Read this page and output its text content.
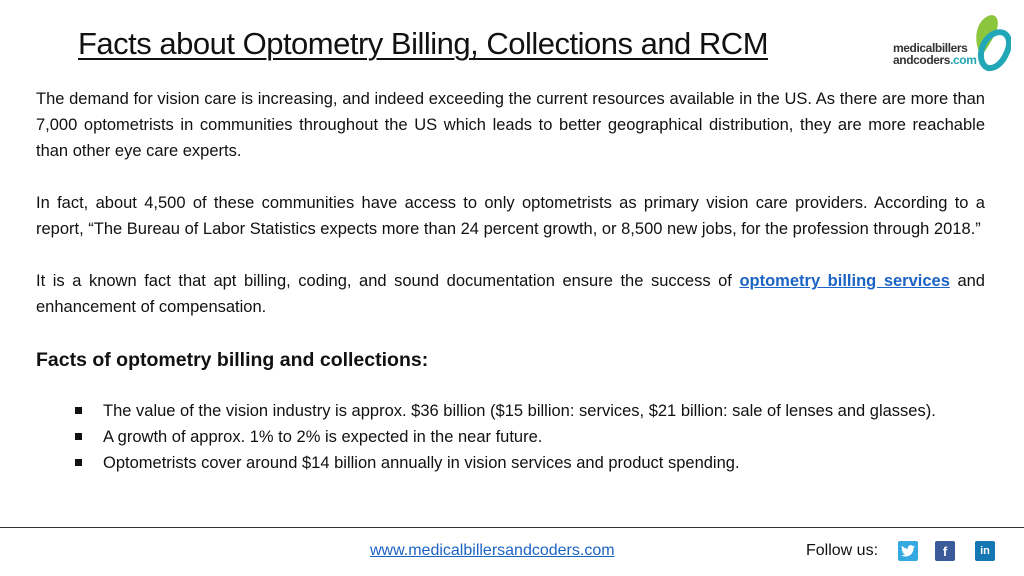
Facts about Optometry Billing, Collections and RCM	medicalbillers
andcoders.com

The demand for vision care is increasing, and indeed exceeding the current resources available in the US. As there are more than 7,000 optometrists in communities throughout the US which leads to better geographical distribution, they are more reachable than other eye care experts.

In fact, about 4,500 of these communities have access to only optometrists as primary vision care providers. According to a report, “The Bureau of Labor Statistics expects more than 24 percent growth, or 8,500 new jobs, for the profession through 2018.”

It is a known fact that apt billing, coding, and sound documentation ensure the success of optometry billing services and enhancement of compensation.

Facts of optometry billing and collections:
The value of the vision industry is approx. $36 billion ($15 billion: services, $21 billion: sale of lenses and glasses).
A growth of approx. 1% to 2% is expected in the near future.
Optometrists cover around $14 billion annually in vision services and product spending.
www.medicalbillersandcoders.com	Follow us:	f	in
